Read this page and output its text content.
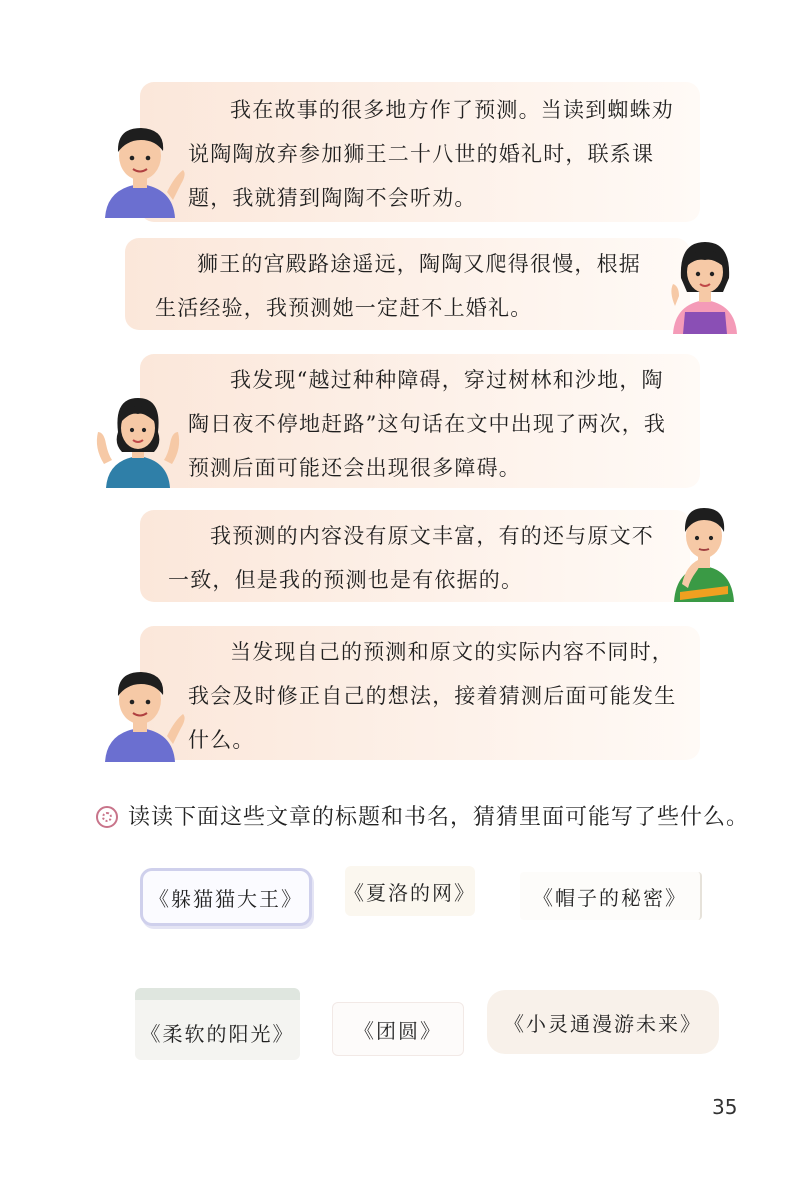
我在故事的很多地方作了预测。当读到蜘蛛劝说陶陶放弃参加狮王二十八世的婚礼时，联系课题，我就猜到陶陶不会听劝。

狮王的宫殿路途遥远，陶陶又爬得很慢，根据生活经验，我预测她一定赶不上婚礼。

我发现“越过种种障碍，穿过树林和沙地，陶陶日夜不停地赶路”这句话在文中出现了两次，我预测后面可能还会出现很多障碍。

我预测的内容没有原文丰富，有的还与原文不一致，但是我的预测也是有依据的。

当发现自己的预测和原文的实际内容不同时，我会及时修正自己的想法，接着猜测后面可能发生什么。

读读下面这些文章的标题和书名，猜猜里面可能写了些什么。
《躲猫猫大王》 《夏洛的网》	《帽子的秘密》
《柔软的阳光》	《团圆》	《小灵通漫游未来》
35
